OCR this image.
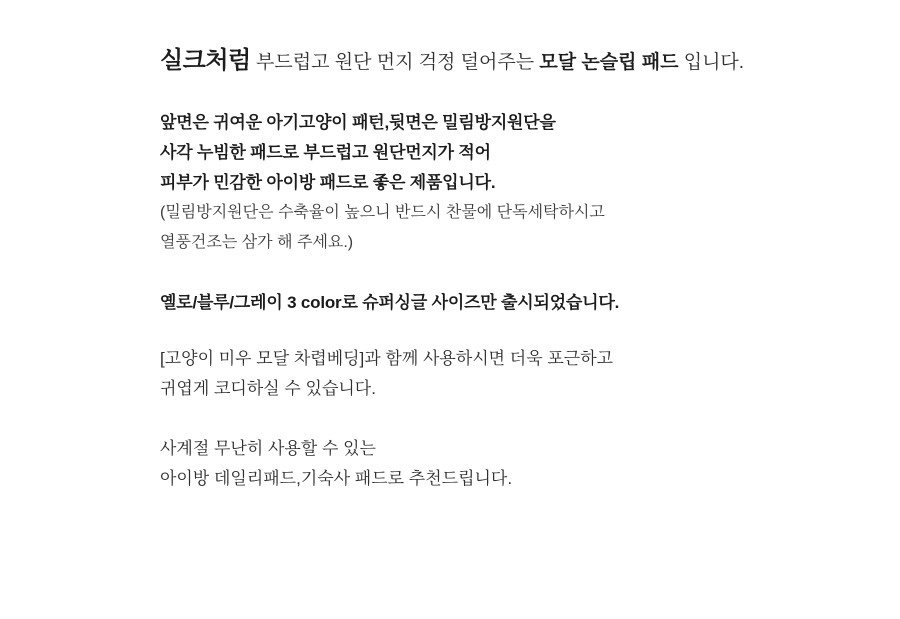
실크처럼 부드럽고 원단 먼지 걱정 덜어주는 모달 논슬립 패드 입니다.

앞면은 귀여운 아기고양이 패턴,뒷면은 밀림방지원단을
사각 누빔한 패드로 부드럽고 원단먼지가 적어
피부가 민감한 아이방 패드로 좋은 제품입니다.
(밀림방지원단은 수축율이 높으니 반드시 찬물에 단독세탁하시고
열풍건조는 삼가 해 주세요.)
옐로/블루/그레이 3 color로 슈퍼싱글 사이즈만 출시되었습니다.
[고양이 미우 모달 차렵베딩]과 함께 사용하시면 더욱 포근하고
귀엽게 코디하실 수 있습니다.
사계절 무난히 사용할 수 있는
아이방 데일리패드,기숙사 패드로 추천드립니다.
